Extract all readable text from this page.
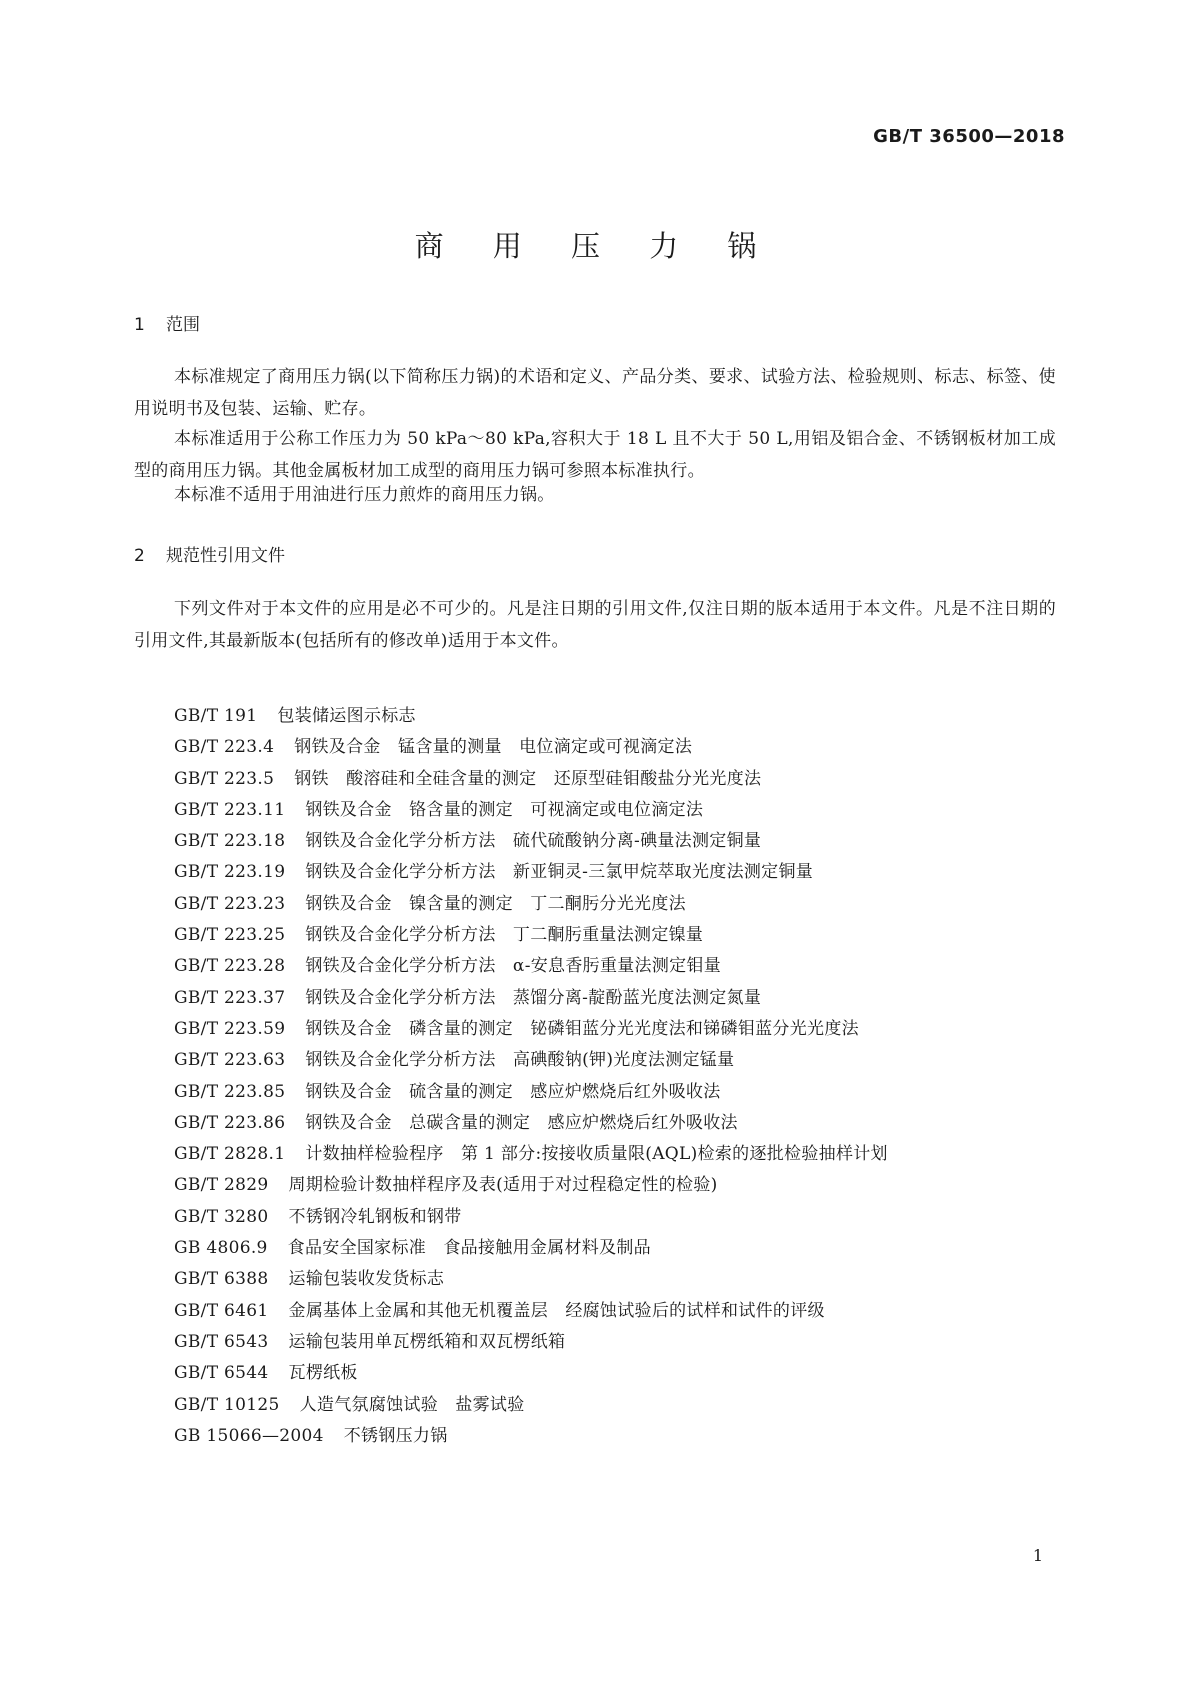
GB/T 36500—2018
商 用 压 力 锅
1 范围

本标准规定了商用压力锅(以下简称压力锅)的术语和定义、产品分类、要求、试验方法、检验规则、标志、标签、使用说明书及包装、运输、贮存。

本标准适用于公称工作压力为 50 kPa～80 kPa,容积大于 18 L 且不大于 50 L,用铝及铝合金、不锈钢板材加工成型的商用压力锅。其他金属板材加工成型的商用压力锅可参照本标准执行。

本标准不适用于用油进行压力煎炸的商用压力锅。

2 规范性引用文件

下列文件对于本文件的应用是必不可少的。凡是注日期的引用文件,仅注日期的版本适用于本文件。凡是不注日期的引用文件,其最新版本(包括所有的修改单)适用于本文件。

GB/T 191 包装储运图示标志
GB/T 223.4 钢铁及合金　锰含量的测量　电位滴定或可视滴定法
GB/T 223.5 钢铁　酸溶硅和全硅含量的测定　还原型硅钼酸盐分光光度法
GB/T 223.11 钢铁及合金　铬含量的测定　可视滴定或电位滴定法
GB/T 223.18 钢铁及合金化学分析方法　硫代硫酸钠分离-碘量法测定铜量
GB/T 223.19 钢铁及合金化学分析方法　新亚铜灵-三氯甲烷萃取光度法测定铜量
GB/T 223.23 钢铁及合金　镍含量的测定　丁二酮肟分光光度法
GB/T 223.25 钢铁及合金化学分析方法　丁二酮肟重量法测定镍量
GB/T 223.28 钢铁及合金化学分析方法　α-安息香肟重量法测定钼量
GB/T 223.37 钢铁及合金化学分析方法　蒸馏分离-靛酚蓝光度法测定氮量
GB/T 223.59 钢铁及合金　磷含量的测定　铋磷钼蓝分光光度法和锑磷钼蓝分光光度法
GB/T 223.63 钢铁及合金化学分析方法　高碘酸钠(钾)光度法测定锰量
GB/T 223.85 钢铁及合金　硫含量的测定　感应炉燃烧后红外吸收法
GB/T 223.86 钢铁及合金　总碳含量的测定　感应炉燃烧后红外吸收法
GB/T 2828.1 计数抽样检验程序　第 1 部分:按接收质量限(AQL)检索的逐批检验抽样计划
GB/T 2829 周期检验计数抽样程序及表(适用于对过程稳定性的检验)
GB/T 3280 不锈钢冷轧钢板和钢带
GB 4806.9 食品安全国家标准　食品接触用金属材料及制品
GB/T 6388 运输包装收发货标志
GB/T 6461 金属基体上金属和其他无机覆盖层　经腐蚀试验后的试样和试件的评级
GB/T 6543 运输包装用单瓦楞纸箱和双瓦楞纸箱
GB/T 6544 瓦楞纸板
GB/T 10125 人造气氛腐蚀试验　盐雾试验
GB 15066—2004 不锈钢压力锅
1
